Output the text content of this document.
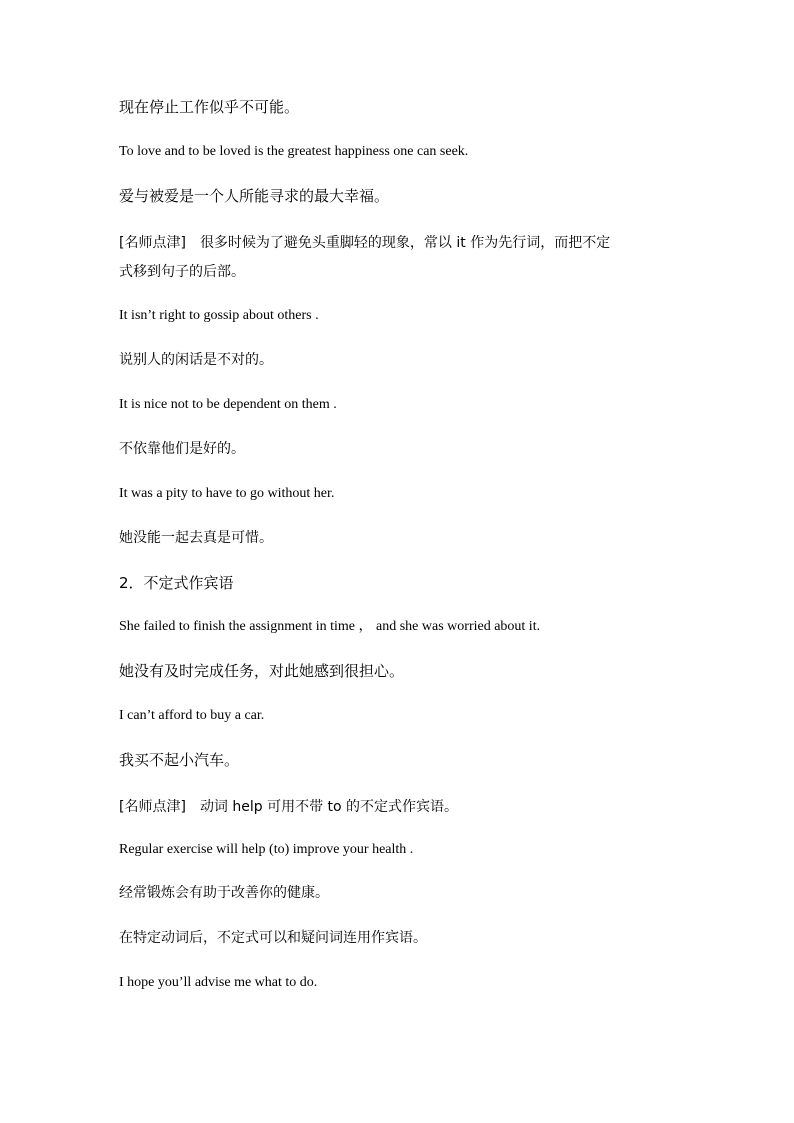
现在停止工作似乎不可能。
To love and to be loved is the greatest happiness one can seek.
爱与被爱是一个人所能寻求的最大幸福。
[名师点津] 很多时候为了避免头重脚轻的现象，常以 it 作为先行词，而把不定
式移到句子的后部。
It isn’t right to gossip about others .
说别人的闲话是不对的。
It is nice not to be dependent on them .
不依靠他们是好的。
It was a pity to have to go without her.
她没能一起去真是可惜。
2．不定式作宾语
She failed to finish the assignment in time ， and she was worried about it.
她没有及时完成任务，对此她感到很担心。
I can’t afford to buy a car.
我买不起小汽车。
[名师点津] 动词 help 可用不带 to 的不定式作宾语。
Regular exercise will help (to) improve your health .
经常锻炼会有助于改善你的健康。
在特定动词后，不定式可以和疑问词连用作宾语。
I hope you’ll advise me what to do.
